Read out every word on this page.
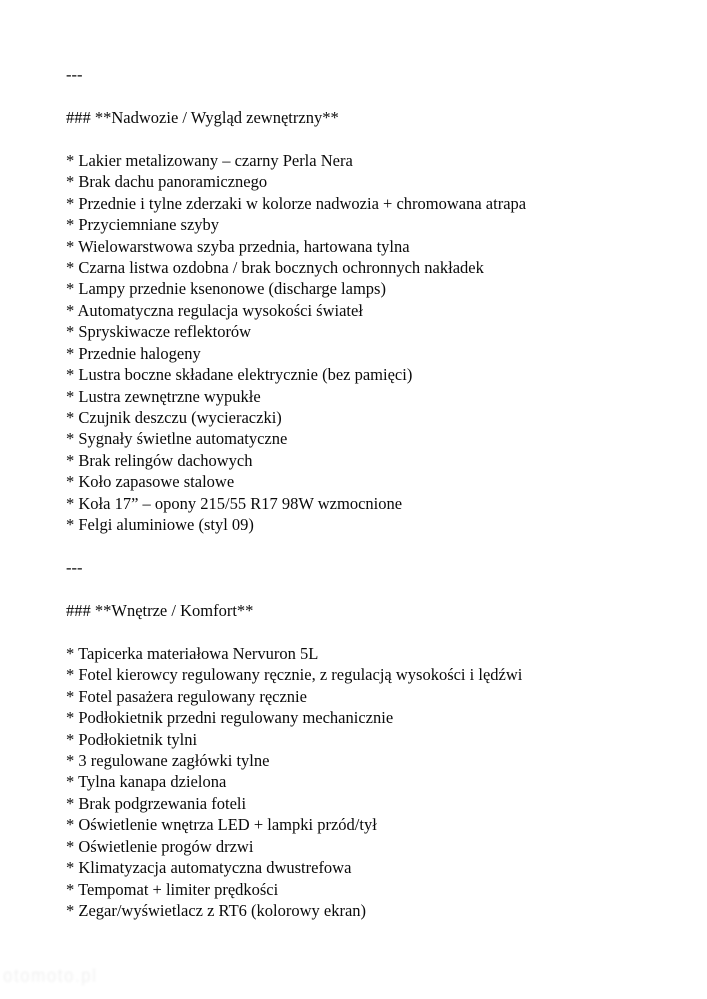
---
### **Nadwozie / Wygląd zewnętrzny**
* Lakier metalizowany – czarny Perla Nera
* Brak dachu panoramicznego
* Przednie i tylne zderzaki w kolorze nadwozia + chromowana atrapa
* Przyciemniane szyby
* Wielowarstwowa szyba przednia, hartowana tylna
* Czarna listwa ozdobna / brak bocznych ochronnych nakładek
* Lampy przednie ksenonowe (discharge lamps)
* Automatyczna regulacja wysokości świateł
* Spryskiwacze reflektorów
* Przednie halogeny
* Lustra boczne składane elektrycznie (bez pamięci)
* Lustra zewnętrzne wypukłe
* Czujnik deszczu (wycieraczki)
* Sygnały świetlne automatyczne
* Brak relingów dachowych
* Koło zapasowe stalowe
* Koła 17” – opony 215/55 R17 98W wzmocnione
* Felgi aluminiowe (styl 09)
---
### **Wnętrze / Komfort**
* Tapicerka materiałowa Nervuron 5L
* Fotel kierowcy regulowany ręcznie, z regulacją wysokości i lędźwi
* Fotel pasażera regulowany ręcznie
* Podłokietnik przedni regulowany mechanicznie
* Podłokietnik tylni
* 3 regulowane zagłówki tylne
* Tylna kanapa dzielona
* Brak podgrzewania foteli
* Oświetlenie wnętrza LED + lampki przód/tył
* Oświetlenie progów drzwi
* Klimatyzacja automatyczna dwustrefowa
* Tempomat + limiter prędkości
* Zegar/wyświetlacz z RT6 (kolorowy ekran)
otomoto.pl
